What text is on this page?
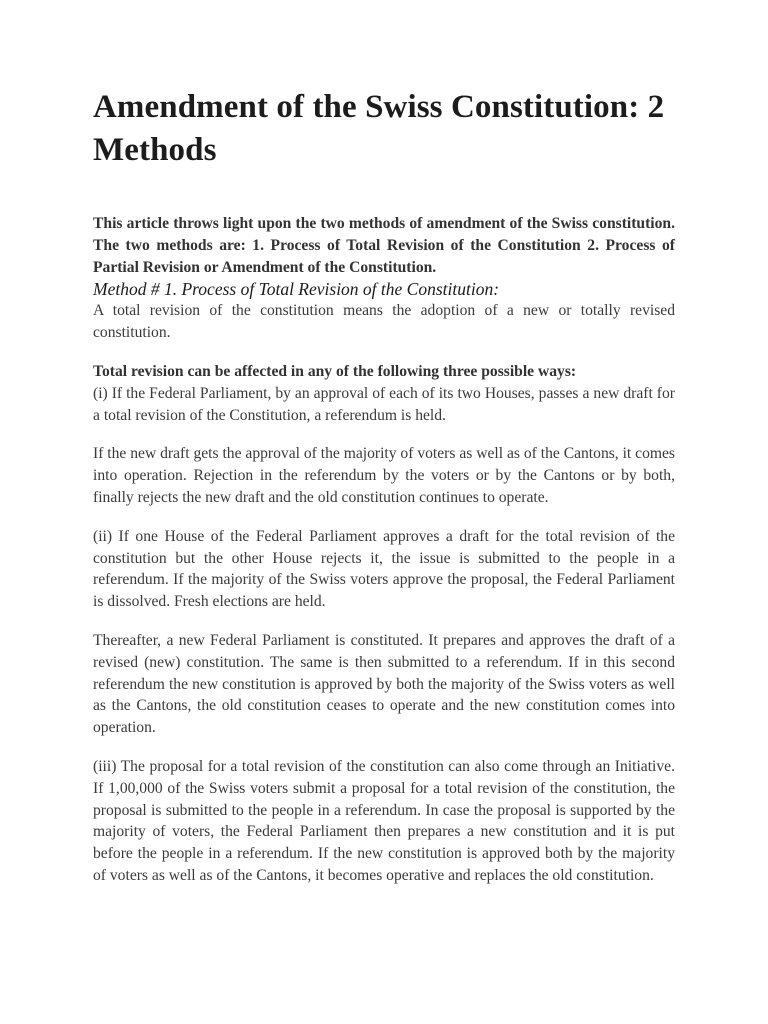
Amendment of the Swiss Constitution: 2 Methods

This article throws light upon the two methods of amendment of the Swiss constitution. The two methods are: 1. Process of Total Revision of the Constitution 2. Process of Partial Revision or Amendment of the Constitution.

Method # 1. Process of Total Revision of the Constitution:

A total revision of the constitution means the adoption of a new or totally revised constitution.

Total revision can be affected in any of the following three possible ways:

(i) If the Federal Parliament, by an approval of each of its two Houses, passes a new draft for a total revision of the Constitution, a referendum is held.

If the new draft gets the approval of the majority of voters as well as of the Cantons, it comes into operation. Rejection in the referendum by the voters or by the Cantons or by both, finally rejects the new draft and the old constitution continues to operate.

(ii) If one House of the Federal Parliament approves a draft for the total revision of the constitution but the other House rejects it, the issue is submitted to the people in a referendum. If the majority of the Swiss voters approve the proposal, the Federal Parliament is dissolved. Fresh elections are held.

Thereafter, a new Federal Parliament is constituted. It prepares and approves the draft of a revised (new) constitution. The same is then submitted to a referendum. If in this second referendum the new constitution is approved by both the majority of the Swiss voters as well as the Cantons, the old constitution ceases to operate and the new constitution comes into operation.

(iii) The proposal for a total revision of the constitution can also come through an Initiative. If 1,00,000 of the Swiss voters submit a proposal for a total revision of the constitution, the proposal is submitted to the people in a referendum. In case the proposal is supported by the majority of voters, the Federal Parliament then prepares a new constitution and it is put before the people in a referendum. If the new constitution is approved both by the majority of voters as well as of the Cantons, it becomes operative and replaces the old constitution.
